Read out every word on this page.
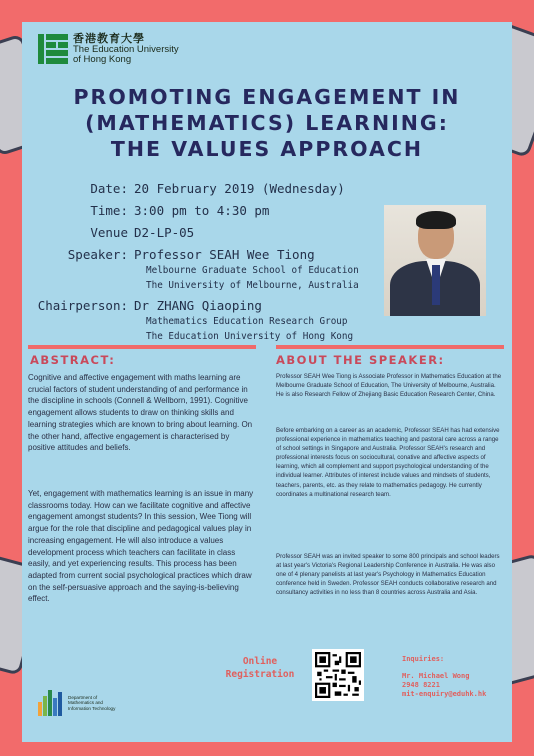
香港教育大學
The Education University
of Hong Kong
PROMOTING ENGAGEMENT IN
(MATHEMATICS) LEARNING:
THE VALUES APPROACH
Date: 20 February 2019 (Wednesday)
Time: 3:00 pm to 4:30 pm
Venue D2-LP-05
Speaker: Professor SEAH Wee Tiong
Melbourne Graduate School of Education
The University of Melbourne, Australia
Chairperson: Dr ZHANG Qiaoping
Mathematics Education Research Group
The Education University of Hong Kong
ABSTRACT:	ABOUT THE SPEAKER:
Cognitive and affective engagement with maths learning are crucial factors of student understanding of and performance in the discipline in schools (Connell & Wellborn, 1991). Cognitive engagement allows students to draw on thinking skills and learning strategies which are known to bring about learning. On the other hand, affective engagement is characterised by positive attitudes and beliefs.
Yet, engagement with mathematics learning is an issue in many classrooms today. How can we facilitate cognitive and affective engagement amongst students? In this session, Wee Tiong will argue for the role that discipline and pedagogical values play in increasing engagement. He will also introduce a values development process which teachers can facilitate in class easily, and yet experiencing results. This process has been adapted from current social psychological practices which draw on the self-persuasive approach and the saying-is-believing effect.
Professor SEAH Wee Tiong is Associate Professor in Mathematics Education at the Melbourne Graduate School of Education, The University of Melbourne, Australia. He is also Research Fellow of Zhejiang Basic Education Research Center, China.
Before embarking on a career as an academic, Professor SEAH has had extensive professional experience in mathematics teaching and pastoral care across a range of school settings in Singapore and Australia. Professor SEAH's research and professional interests focus on sociocultural, conative and affective aspects of learning, which all complement and support psychological understanding of the individual learner. Attributes of interest include values and mindsets of students, teachers, parents, etc. as they relate to mathematics pedagogy. He currently coordinates a multinational research team.
Professor SEAH was an invited speaker to some 800 principals and school leaders at last year's Victoria's Regional Leadership Conference in Australia. He was also one of 4 plenary panelists at last year's Psychology in Mathematics Education conference held in Sweden. Professor SEAH conducts collaborative research and consultancy activities in no less than 8 countries across Australia and Asia.
Online
Registration
Inquiries:
Mr. Michael Wong
2948 8221
mit-enquiry@eduhk.hk
Department of
Mathematics and
Information Technology
